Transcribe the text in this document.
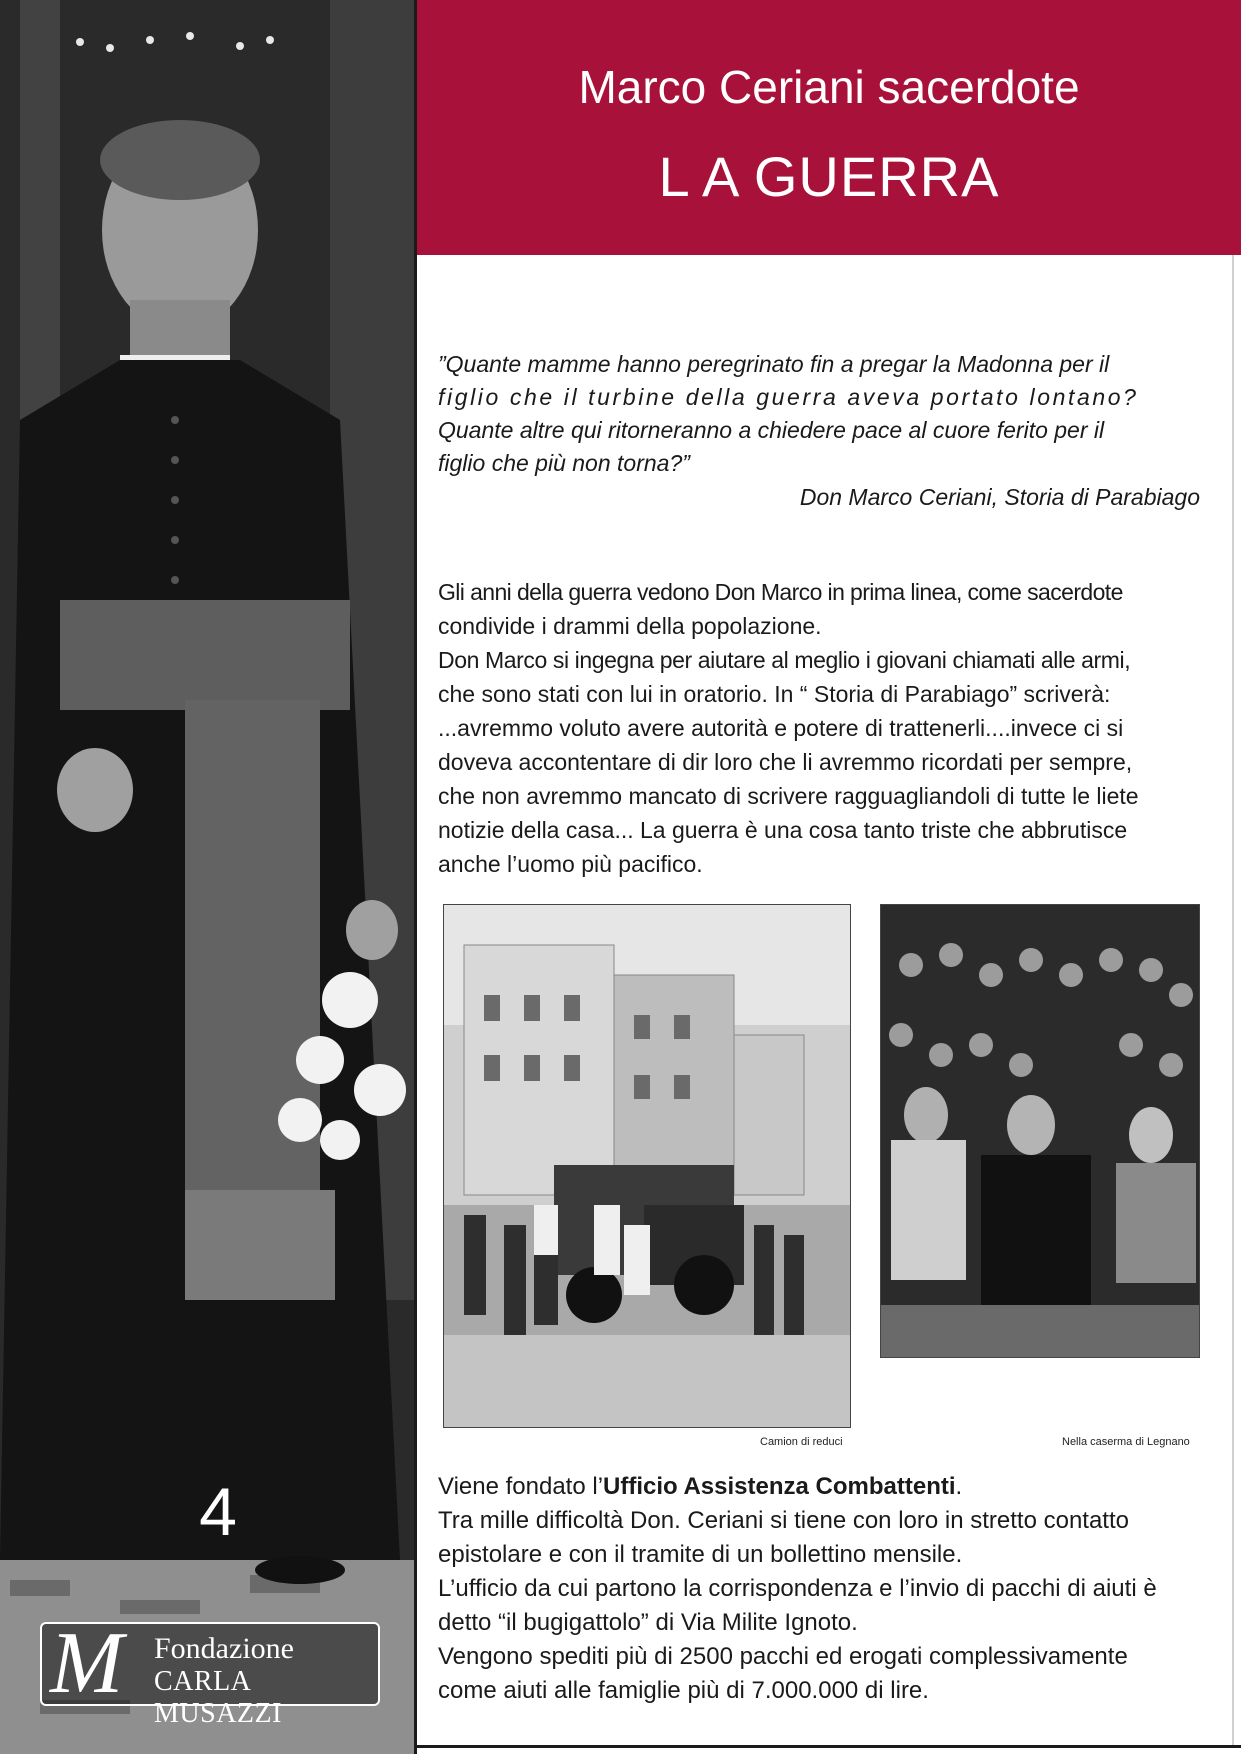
4
M Fondazione
CARLA MUSAZZI
Marco Ceriani sacerdote
L A GUERRA

”Quante mamme hanno peregrinato fin a pregar la Madonna per il

figlio che il turbine della guerra aveva portato lontano?

Quante altre qui ritorneranno a chiedere pace al cuore ferito per il

figlio che più non torna?”

Don Marco Ceriani, Storia di Parabiago

Gli anni della guerra vedono Don Marco in prima linea, come sacerdote

condivide i drammi della popolazione.

Don Marco si ingegna per aiutare al meglio i giovani chiamati alle armi,

che sono stati con lui in oratorio. In “ Storia di Parabiago” scriverà:

...avremmo voluto avere autorità e potere di trattenerli....invece ci si

doveva accontentare di dir loro che li avremmo ricordati per sempre,

che non avremmo mancato di scrivere ragguagliandoli di tutte le liete

notizie della casa... La guerra è una cosa tanto triste che abbrutisce

anche l’uomo più pacifico.

Camion di reduci	Nella caserma di Legnano

Viene fondato l’Ufficio Assistenza Combattenti.

Tra mille difficoltà Don. Ceriani si tiene con loro in stretto contatto

epistolare e con il tramite di un bollettino mensile.

L’ufficio da cui partono la corrispondenza e l’invio di pacchi di aiuti è

detto “il bugigattolo” di Via Milite Ignoto.

Vengono spediti più di 2500 pacchi ed erogati complessivamente

come aiuti alle famiglie più di 7.000.000 di lire.
